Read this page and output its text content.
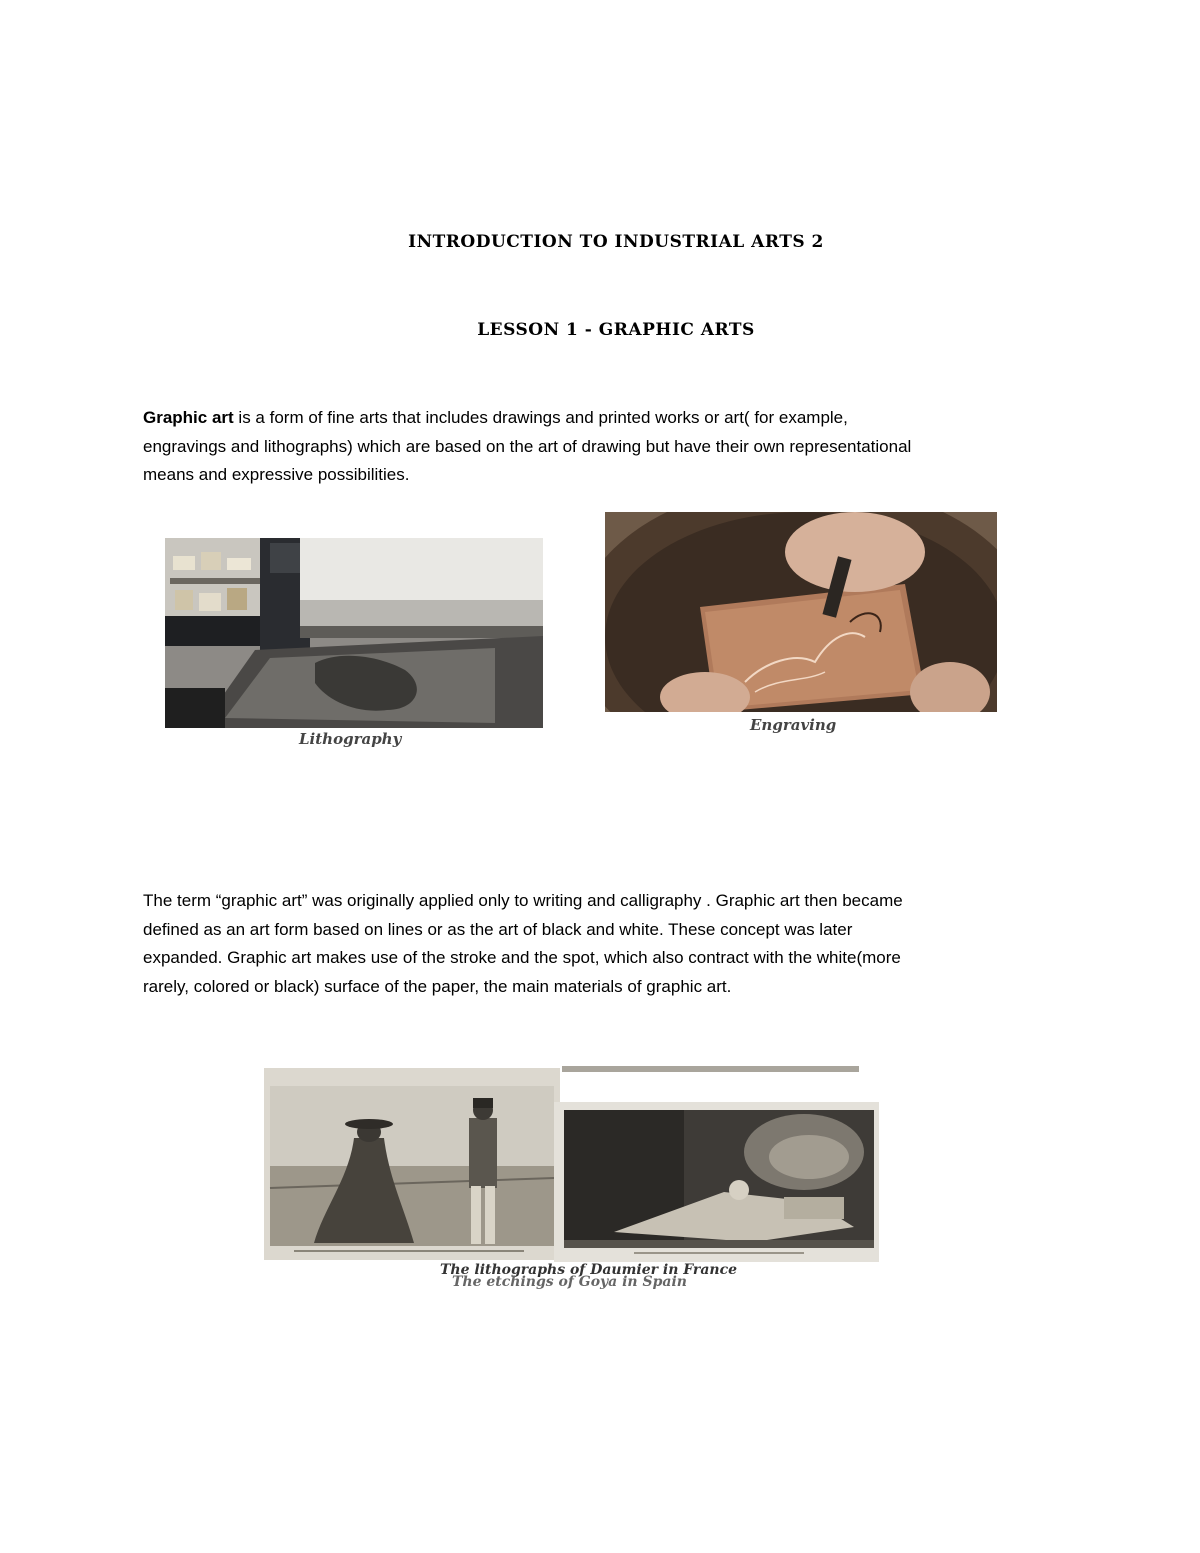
INTRODUCTION TO INDUSTRIAL ARTS 2
LESSON 1 - GRAPHIC ARTS

Graphic art is a form of fine arts that includes drawings and printed works or art( for example,
engravings and lithographs) which are based on the art of drawing but have their own representational
means and expressive possibilities.

Lithography
Engraving

The term “graphic art” was originally applied only to writing and calligraphy . Graphic art then became
defined as an art form based on lines or as the art of black and white. These concept was later
expanded. Graphic art makes use of the stroke and the spot, which also contract with the white(more
rarely, colored or black) surface of the paper, the main materials of graphic art.

The lithographs of Daumier in France
The etchings of Goya in Spain
